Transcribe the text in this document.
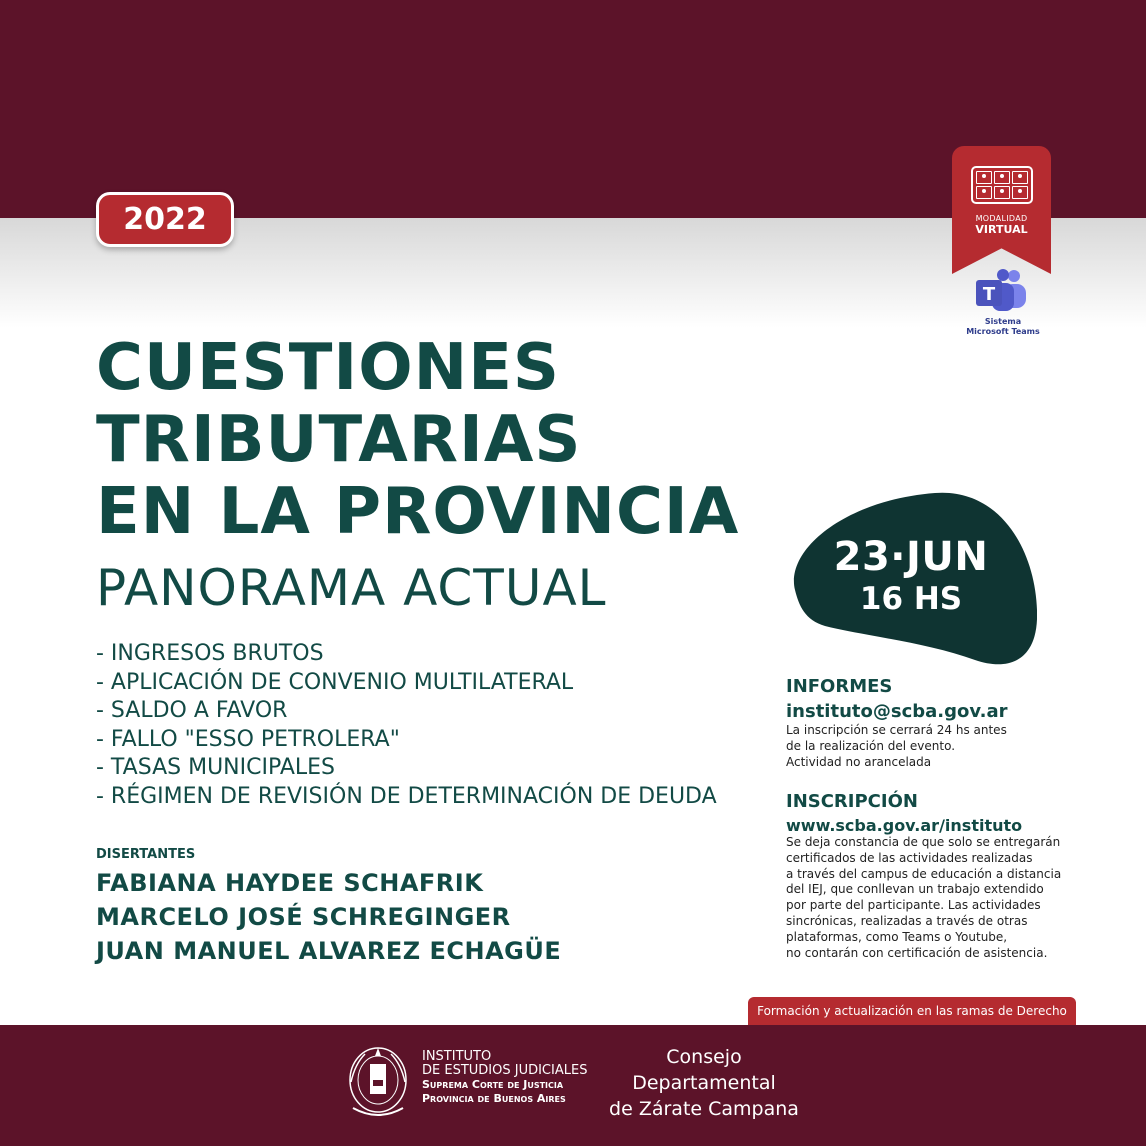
2022	MODALIDAD
VIRTUAL
T
Sistema
Microsoft Teams
CUESTIONES
TRIBUTARIAS
EN LA PROVINCIA
PANORAMA ACTUAL
- INGRESOS BRUTOS
- APLICACIÓN DE CONVENIO MULTILATERAL
- SALDO A FAVOR
- FALLO "ESSO PETROLERA"
- TASAS MUNICIPALES
- RÉGIMEN DE REVISIÓN DE DETERMINACIÓN DE DEUDA
DISERTANTES
FABIANA HAYDEE SCHAFRIK
MARCELO JOSÉ SCHREGINGER
JUAN MANUEL ALVAREZ ECHAGÜE
23·JUN
16 HS
INFORMES
instituto@scba.gov.ar
La inscripción se cerrará 24 hs antes
de la realización del evento.
Actividad no arancelada
INSCRIPCIÓN
www.scba.gov.ar/instituto
Se deja constancia de que solo se entregarán
certificados de las actividades realizadas
a través del campus de educación a distancia
del IEJ, que conllevan un trabajo extendido
por parte del participante. Las actividades
sincrónicas, realizadas a través de otras
plataformas, como Teams o Youtube,
no contarán con certificación de asistencia.
Formación y actualización en las ramas de Derecho
INSTITUTO
DE ESTUDIOS JUDICIALES
Suprema Corte de Justicia
Provincia de Buenos Aires
Consejo
Departamental
de Zárate Campana
